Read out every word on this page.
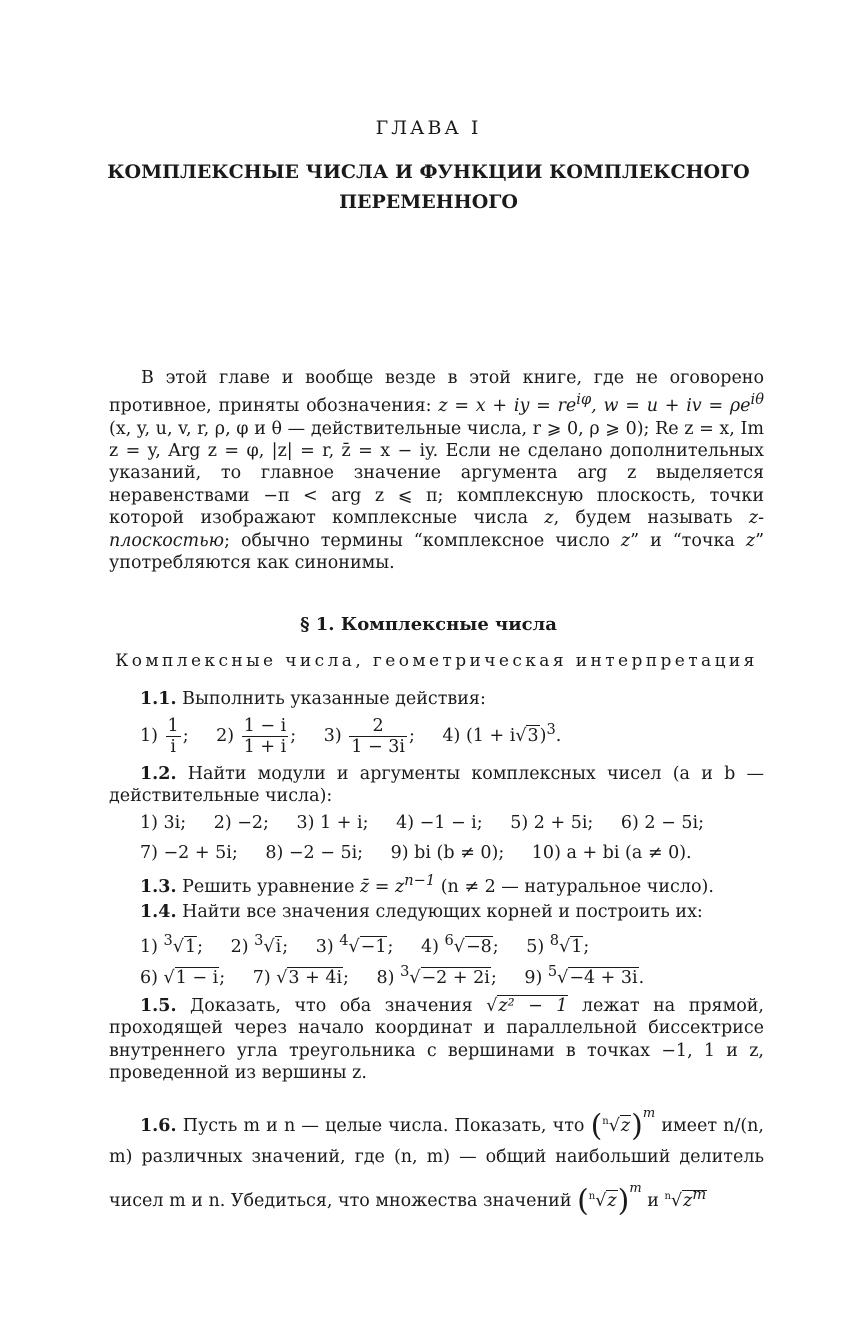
ГЛАВА I
КОМПЛЕКСНЫЕ ЧИСЛА И ФУНКЦИИ КОМПЛЕКСНОГО ПЕРЕМЕННОГО

В этой главе и вообще везде в этой книге, где не оговорено противное, приняты обозначения: z = x + iy = $re^{i\varphi}$, w = u + iv = $\rho e^{i\theta}$ (x, y, u, v, r, ρ, φ и θ — действительные числа, r ⩾ 0, ρ ⩾ 0); Re z = x, Im z = y, Arg z = φ, |z| = r, z̄ = x − iy. Если не сделано дополнительных указаний, то главное значение аргумента arg z выделяется неравенствами −π < arg z ⩽ π; комплексную плоскость, точки которой изображают комплексные числа z, будем называть z-плоскостью; обычно термины “комплексное число z” и “точка z” употребляются как синонимы.

§ 1. Комплексные числа
Комплексные числа, геометрическая интерпретация

1.1. Выполнить указанные действия:

$1) \frac{1}{i}$ ; $2) \frac{1 - i}{1 + i}$ ; $3) \frac{2}{1 - 3i}$ ; 4) $(1 + i√3)^3$.

1.2. Найти модули и аргументы комплексных чисел (a и b — действительные числа):

1) 3i; 2) −2; 3) 1 + i; 4) −1 − i; 5) 2 + 5i; 6) 2 − 5i;
7) −2 + 5i; 8) −2 − 5i; 9) bi (b ≠ 0); 10) a + bi (a ≠ 0).

1.3. Решить уравнение z̄ = $z^{n-1}$ (n ≠ 2 — натуральное число).

1.4. Найти все значения следующих корней и построить их:

1) $^3$√1; 2) $^3$√i; 3) $^4$√−1; 4) $^6$√−8; 5) $^8$√1;
6) √1 − i; 7) √3 + 4i; 8) $^3$√−2 + 2i; 9) $^5$√−4 + 3i.

1.5. Доказать, что оба значения √z² − 1 лежат на прямой, проходящей через начало координат и параллельной биссектрисе внутреннего угла треугольника с вершинами в точках −1, 1 и z, проведенной из вершины z.

1.6. Пусть m и n — целые числа. Показать, что $(^n√z)^m$ имеет n/(n, m) различных значений, где (n, m) — общий наибольший делитель чисел m и n. Убедиться, что множества значений $(^n√z)^m$ и $^n√z^m$
